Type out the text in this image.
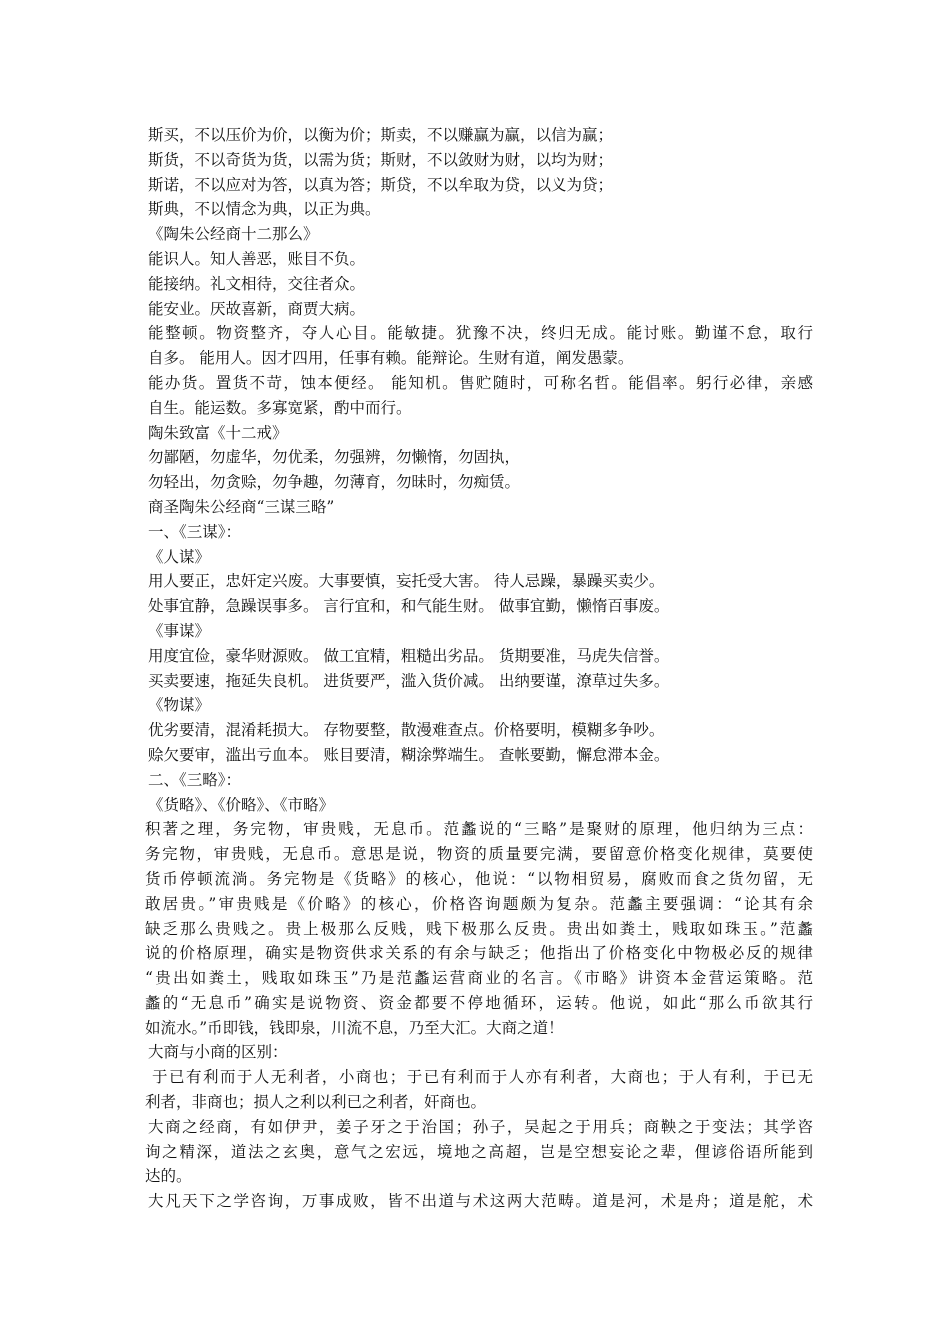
斯买，不以压价为价，以衡为价；斯卖，不以赚赢为赢，以信为赢；
斯货，不以奇货为货，以需为货；斯财，不以敛财为财，以均为财；
斯诺，不以应对为答，以真为答；斯贷，不以牟取为贷，以义为贷；
斯典，不以情念为典，以正为典。
《陶朱公经商十二那么》
能识人。知人善恶，账目不负。
能接纳。礼文相待，交往者众。
能安业。厌故喜新，商贾大病。
能整顿。物资整齐，夺人心目。能敏捷。犹豫不决，终归无成。能讨账。勤谨不怠，取行
自多。 能用人。因才四用，任事有赖。能辩论。生财有道，阐发愚蒙。
能办货。置货不苛，蚀本便经。 能知机。售贮随时，可称名哲。能倡率。躬行必律，亲感
自生。能运数。多寡宽紧，酌中而行。
陶朱致富《十二戒》
勿鄙陋，勿虚华，勿优柔，勿强辨，勿懒惰，勿固执，
勿轻出，勿贪赊，勿争趣，勿薄育，勿昧时，勿痴赁。
商圣陶朱公经商“三谋三略”
一、《三谋》：
《人谋》
用人要正，忠奸定兴废。大事要慎，妄托受大害。 待人忌躁，暴躁买卖少。
处事宜静，急躁误事多。 言行宜和，和气能生财。 做事宜勤，懒惰百事废。
《事谋》
用度宜俭，豪华财源败。 做工宜精，粗糙出劣品。 货期要准，马虎失信誉。
买卖要速，拖延失良机。 进货要严，滥入货价减。 出纳要谨，潦草过失多。
《物谋》
优劣要清，混淆耗损大。 存物要整，散漫难查点。价格要明，模糊多争吵。
赊欠要审，滥出亏血本。 账目要清，糊涂弊端生。 查帐要勤，懈怠滞本金。
二、《三略》：
《货略》、《价略》、《市略》
积著之理，务完物，审贵贱，无息币。范蠡说的“三略”是聚财的原理，他归纳为三点：
务完物，审贵贱，无息币。意思是说，物资的质量要完满，要留意价格变化规律，莫要使
货币停顿流淌。务完物是《货略》的核心，他说：“以物相贸易，腐败而食之货勿留，无
敢居贵。”审贵贱是《价略》的核心，价格咨询题颇为复杂。范蠡主要强调：“论其有余
缺乏那么贵贱之。贵上极那么反贱，贱下极那么反贵。贵出如粪土，贱取如珠玉。”范蠡
说的价格原理，确实是物资供求关系的有余与缺乏；他指出了价格变化中物极必反的规律
“贵出如粪土，贱取如珠玉”乃是范蠡运营商业的名言。《市略》讲资本金营运策略。范
蠡的“无息币”确实是说物资、资金都要不停地循环，运转。他说，如此“那么币欲其行
如流水。”币即钱，钱即泉，川流不息，乃至大汇。大商之道！
大商与小商的区别：
于已有利而于人无利者，小商也；于已有利而于人亦有利者，大商也；于人有利，于已无
利者，非商也；损人之利以利已之利者，奸商也。
大商之经商，有如伊尹，姜子牙之于治国；孙子，吴起之于用兵；商鞅之于变法；其学咨
询之精深，道法之玄奥，意气之宏远，境地之高超，岂是空想妄论之辈，俚谚俗语所能到
达的。
大凡天下之学咨询，万事成败，皆不出道与术这两大范畴。道是河，术是舟；道是舵，术
